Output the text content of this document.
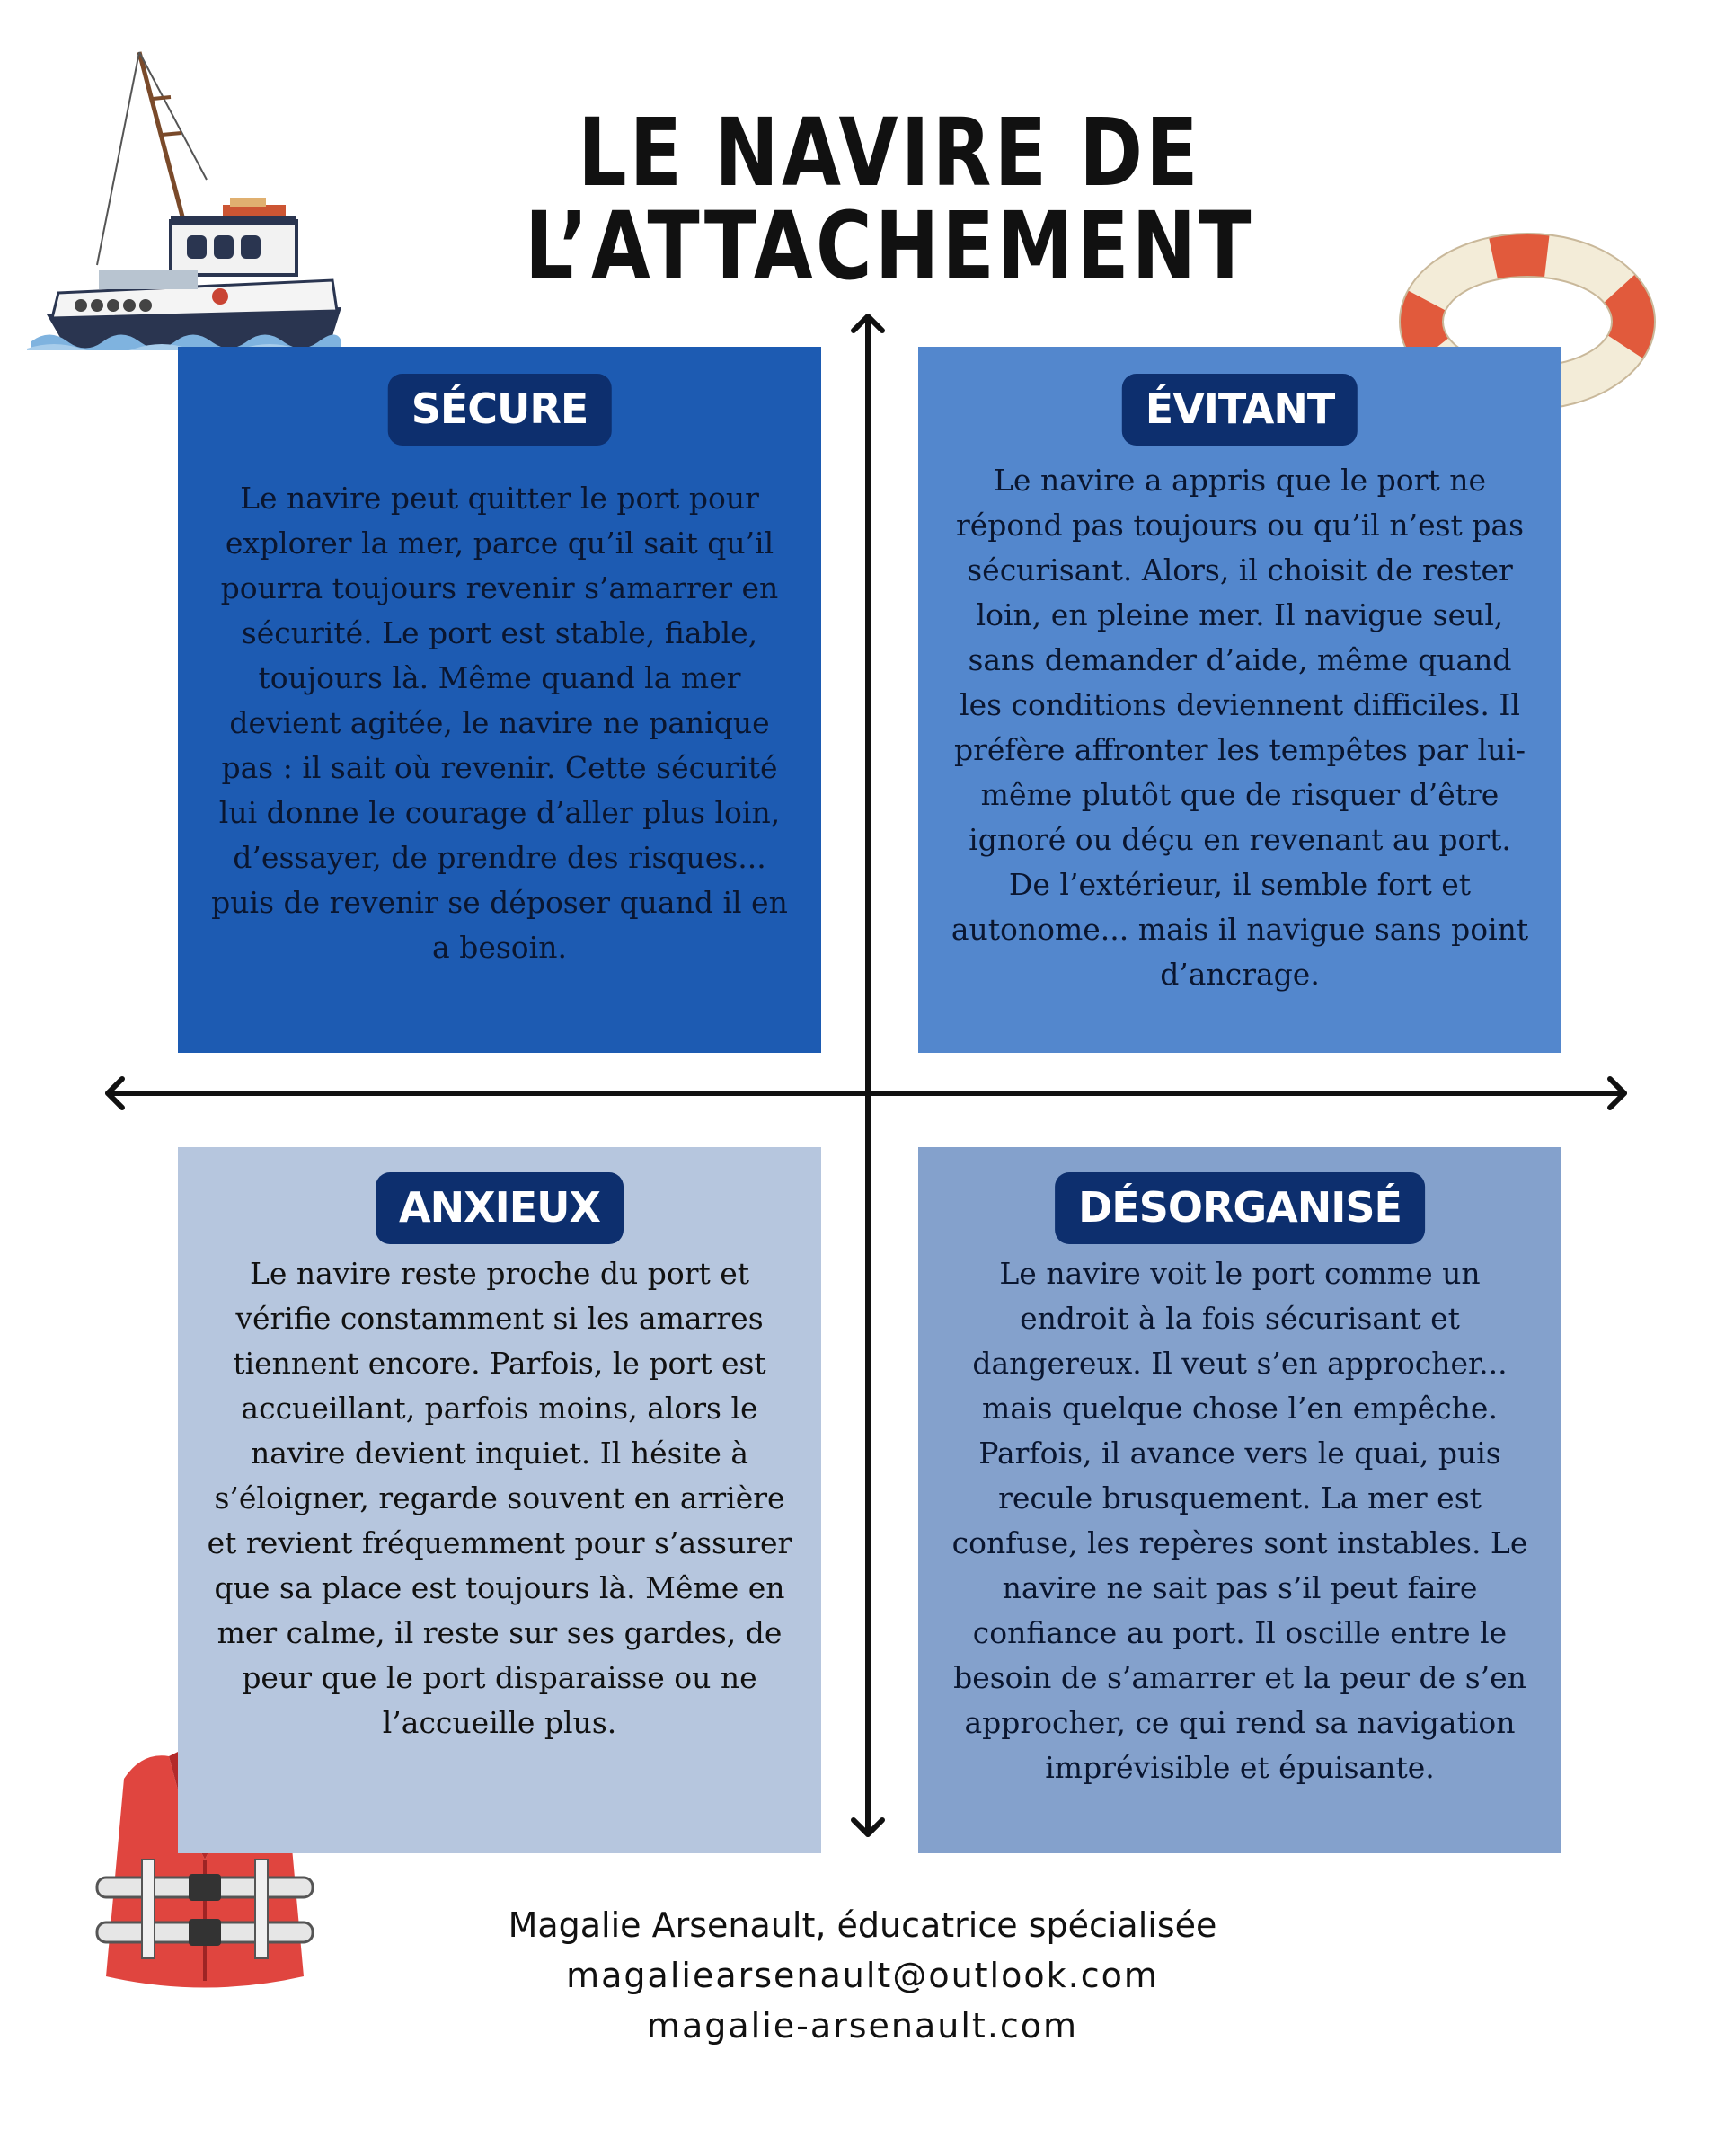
LE NAVIRE DE L’ATTACHEMENT
SÉCURE
Le navire peut quitter le port pour explorer la mer, parce qu’il sait qu’il pourra toujours revenir s’amarrer en sécurité. Le port est stable, fiable, toujours là. Même quand la mer devient agitée, le navire ne panique pas : il sait où revenir. Cette sécurité lui donne le courage d’aller plus loin, d’essayer, de prendre des risques... puis de revenir se déposer quand il en a besoin.
ÉVITANT
Le navire a appris que le port ne répond pas toujours ou qu’il n’est pas sécurisant. Alors, il choisit de rester loin, en pleine mer. Il navigue seul, sans demander d’aide, même quand les conditions deviennent difficiles. Il préfère affronter les tempêtes par lui-même plutôt que de risquer d’être ignoré ou déçu en revenant au port. De l’extérieur, il semble fort et autonome... mais il navigue sans point d’ancrage.
ANXIEUX
Le navire reste proche du port et vérifie constamment si les amarres tiennent encore. Parfois, le port est accueillant, parfois moins, alors le navire devient inquiet. Il hésite à s’éloigner, regarde souvent en arrière et revient fréquemment pour s’assurer que sa place est toujours là. Même en mer calme, il reste sur ses gardes, de peur que le port disparaisse ou ne l’accueille plus.
DÉSORGANISÉ
Le navire voit le port comme un endroit à la fois sécurisant et dangereux. Il veut s’en approcher... mais quelque chose l’en empêche. Parfois, il avance vers le quai, puis recule brusquement. La mer est confuse, les repères sont instables. Le navire ne sait pas s’il peut faire confiance au port. Il oscille entre le besoin de s’amarrer et la peur de s’en approcher, ce qui rend sa navigation imprévisible et épuisante.
Magalie Arsenault, éducatrice spécialisée
magaliearsenault@outlook.com
magalie-arsenault.com
